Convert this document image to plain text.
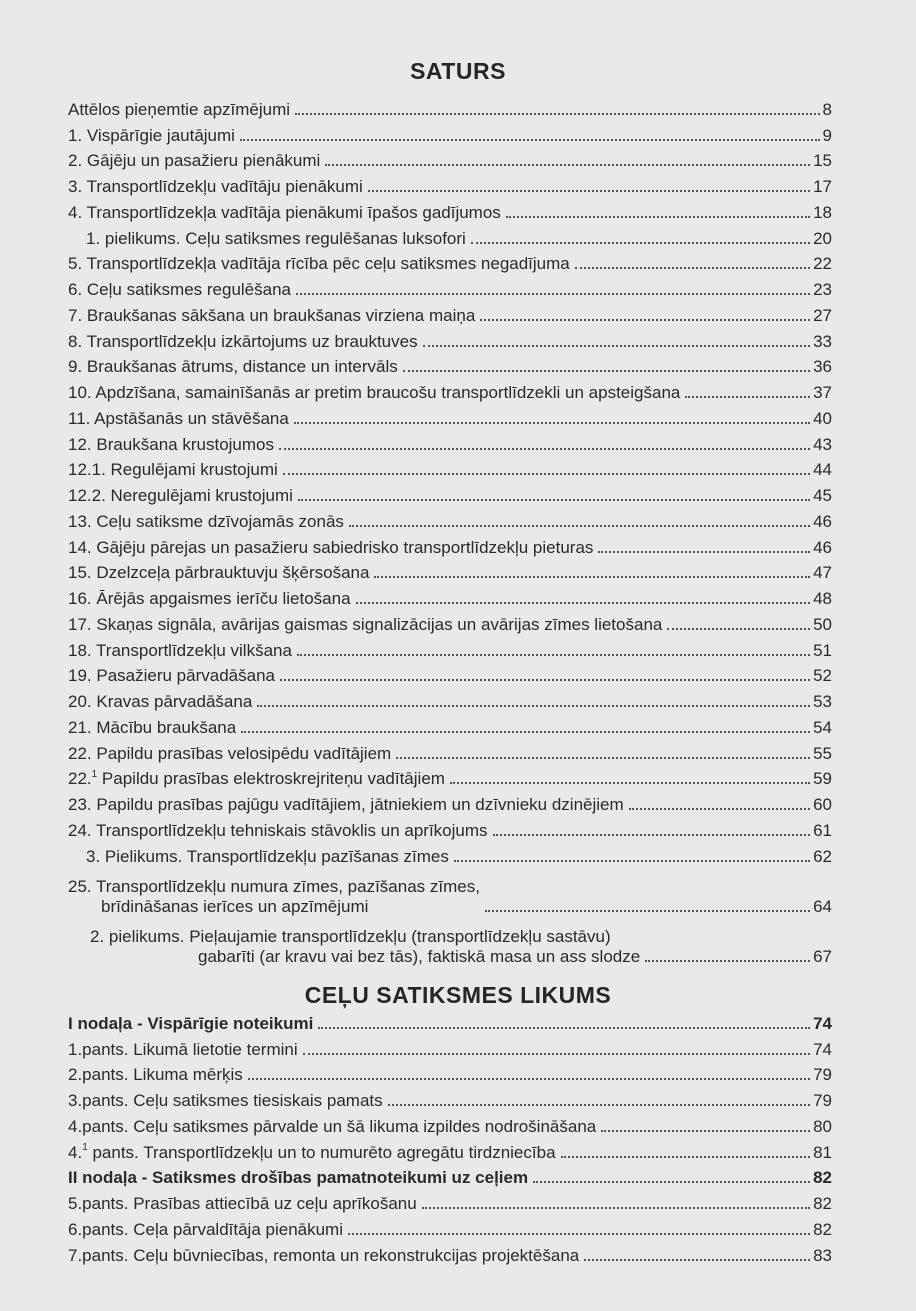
SATURS
Attēlos pieņemtie apzīmējumi	8
1. Vispārīgie jautājumi	9
2. Gājēju un pasažieru pienākumi	15
3. Transportlīdzekļu vadītāju pienākumi	17
4. Transportlīdzekļa vadītāja pienākumi īpašos gadījumos	18
1. pielikums. Ceļu satiksmes regulēšanas luksofori	20
5. Transportlīdzekļa vadītāja rīcība pēc ceļu satiksmes negadījuma	22
6. Ceļu satiksmes regulēšana	23
7. Braukšanas sākšana un braukšanas virziena maiņa	27
8. Transportlīdzekļu izkārtojums uz brauktuves	33
9. Braukšanas ātrums, distance un intervāls	36
10. Apdzīšana, samainīšanās ar pretim braucošu transportlīdzekli un apsteigšana	37
11. Apstāšanās un stāvēšana	40
12. Braukšana krustojumos	43
12.1. Regulējami krustojumi	44
12.2. Neregulējami krustojumi	45
13. Ceļu satiksme dzīvojamās zonās	46
14. Gājēju pārejas un pasažieru sabiedrisko transportlīdzekļu pieturas	46
15. Dzelzceļa pārbrauktuvju šķērsošana	47
16. Ārējās apgaismes ierīču lietošana	48
17. Skaņas signāla, avārijas gaismas signalizācijas un avārijas zīmes lietošana	50
18. Transportlīdzekļu vilkšana	51
19. Pasažieru pārvadāšana	52
20. Kravas pārvadāšana	53
21. Mācību braukšana	54
22. Papildu prasības velosipēdu vadītājiem	55
22.$^1$ Papildu prasības elektroskrejriteņu vadītājiem	59
23. Papildu prasības pajūgu vadītājiem, jātniekiem un dzīvnieku dzinējiem	60
24. Transportlīdzekļu tehniskais stāvoklis un aprīkojums	61
3. Pielikums. Transportlīdzekļu pazīšanas zīmes	62
25. Transportlīdzekļu numura zīmes, pazīšanas zīmes,
brīdināšanas ierīces un apzīmējumi	64
2. pielikums. Pieļaujamie transportlīdzekļu (transportlīdzekļu sastāvu)
gabarīti (ar kravu vai bez tās), faktiskā masa un ass slodze	67
CEĻU SATIKSMES LIKUMS
I nodaļa - Vispārīgie noteikumi	74
1.pants. Likumā lietotie termini	74
2.pants. Likuma mērķis	79
3.pants. Ceļu satiksmes tiesiskais pamats	79
4.pants. Ceļu satiksmes pārvalde un šā likuma izpildes nodrošināšana	80
4.$^1$ pants. Transportlīdzekļu un to numurēto agregātu tirdzniecība	81
II nodaļa - Satiksmes drošības pamatnoteikumi uz ceļiem	82
5.pants. Prasības attiecībā uz ceļu aprīkošanu	82
6.pants. Ceļa pārvaldītāja pienākumi	82
7.pants. Ceļu būvniecības, remonta un rekonstrukcijas projektēšana	83
